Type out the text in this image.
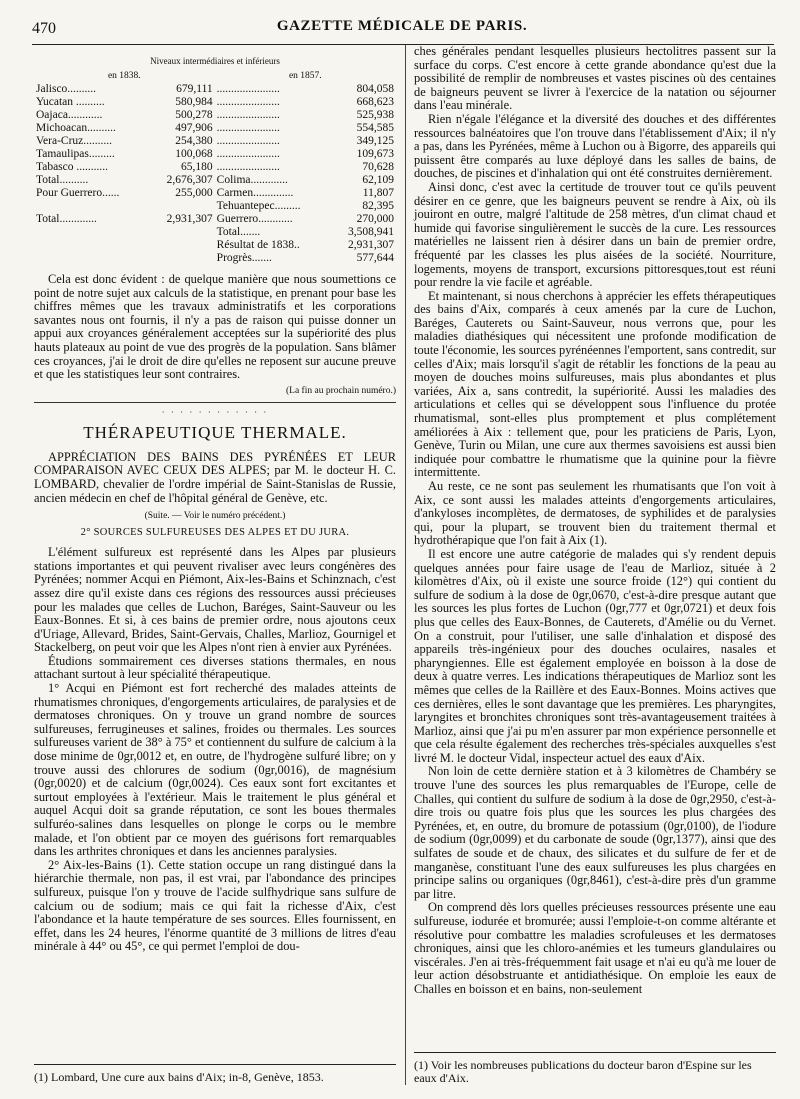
470	GAZETTE MÉDICALE DE PARIS.
Niveaux intermédiaires et inférieurs
en 1838.		en 1857.	
Jalisco..........	679,111	......................	804,058
Yucatan ..........	580,984	......................	668,623
Oajaca............	500,278	......................	525,938
Michoacan..........	497,906	......................	554,585
Vera-Cruz..........	254,380	......................	349,125
Tamaulipas.........	100,068	......................	109,673
Tabasco ...........	65,180	......................	70,628
Total..........	2,676,307	Colima.............	62,109
Pour Guerrero......	255,000	Carmen..............	11,807
		Tehuantepec.........	82,395
Total.............	2,931,307	Guerrero............	270,000
		Total.......	3,508,941
		Résultat de 1838..	2,931,307
		Progrès.......	577,644

Cela est donc évident : de quelque manière que nous soumettions ce point de notre sujet aux calculs de la statistique, en prenant pour base les chiffres mêmes que les travaux administratifs et les corporations savantes nous ont fournis, il n'y a pas de raison qui puisse donner un appui aux croyances généralement acceptées sur la supériorité des plus hauts plateaux au point de vue des progrès de la population. Sans blâmer ces croyances, j'ai le droit de dire qu'elles ne reposent sur aucune preuve et que les statistiques leur sont contraires.

(La fin au prochain numéro.)
· · · · · · · · · · · ·
THÉRAPEUTIQUE THERMALE.

APPRÉCIATION DES BAINS DES PYRÉNÉES ET LEUR COMPARAISON AVEC CEUX DES ALPES; par M. le docteur H. C. LOMBARD, chevalier de l'ordre impérial de Saint-Stanislas de Russie, ancien médecin en chef de l'hôpital général de Genève, etc.

(Suite. — Voir le numéro précédent.)
2° SOURCES SULFUREUSES DES ALPES ET DU JURA.

L'élément sulfureux est représenté dans les Alpes par plusieurs stations importantes et qui peuvent rivaliser avec leurs congénères des Pyrénées; nommer Acqui en Piémont, Aix-les-Bains et Schinznach, c'est assez dire qu'il existe dans ces régions des ressources aussi précieuses pour les malades que celles de Luchon, Baréges, Saint-Sauveur ou les Eaux-Bonnes. Et si, à ces bains de premier ordre, nous ajoutons ceux d'Uriage, Allevard, Brides, Saint-Gervais, Challes, Marlioz, Gournigel et Stackelberg, on peut voir que les Alpes n'ont rien à envier aux Pyrénées.

Étudions sommairement ces diverses stations thermales, en nous attachant surtout à leur spécialité thérapeutique.

1° Acqui en Piémont est fort recherché des malades atteints de rhumatismes chroniques, d'engorgements articulaires, de paralysies et de dermatoses chroniques. On y trouve un grand nombre de sources sulfureuses, ferrugineuses et salines, froides ou thermales. Les sources sulfureuses varient de 38° à 75° et contiennent du sulfure de calcium à la dose minime de 0gr,0012 et, en outre, de l'hydrogène sulfuré libre; on y trouve aussi des chlorures de sodium (0gr,0016), de magnésium (0gr,0020) et de calcium (0gr,0024). Ces eaux sont fort excitantes et surtout employées à l'extérieur. Mais le traitement le plus général et auquel Acqui doit sa grande réputation, ce sont les boues thermales sulfuréo-salines dans lesquelles on plonge le corps ou le membre malade, et l'on obtient par ce moyen des guérisons fort remarquables dans les arthrites chroniques et dans les anciennes paralysies.

2° Aix-les-Bains (1). Cette station occupe un rang distingué dans la hiérarchie thermale, non pas, il est vrai, par l'abondance des principes sulfureux, puisque l'on y trouve de l'acide sulfhydrique sans sulfure de calcium ou de sodium; mais ce qui fait la richesse d'Aix, c'est l'abondance et la haute température de ses sources. Elles fournissent, en effet, dans les 24 heures, l'énorme quantité de 3 millions de litres d'eau minérale à 44° ou 45°, ce qui permet l'emploi de dou-

(1) Lombard, Une cure aux bains d'Aix; in-8, Genève, 1853.

ches générales pendant lesquelles plusieurs hectolitres passent sur la surface du corps. C'est encore à cette grande abondance qu'est due la possibilité de remplir de nombreuses et vastes piscines où des centaines de baigneurs peuvent se livrer à l'exercice de la natation ou séjourner dans l'eau minérale.

Rien n'égale l'élégance et la diversité des douches et des différentes ressources balnéatoires que l'on trouve dans l'établissement d'Aix; il n'y a pas, dans les Pyrénées, même à Luchon ou à Bigorre, des appareils qui puissent être comparés au luxe déployé dans les salles de bains, de douches, de piscines et d'inhalation qui ont été construites dernièrement.

Ainsi donc, c'est avec la certitude de trouver tout ce qu'ils peuvent désirer en ce genre, que les baigneurs peuvent se rendre à Aix, où ils jouiront en outre, malgré l'altitude de 258 mètres, d'un climat chaud et humide qui favorise singulièrement le succès de la cure. Les ressources matérielles ne laissent rien à désirer dans un bain de premier ordre, fréquenté par les classes les plus aisées de la société. Nourriture, logements, moyens de transport, excursions pittoresques,tout est réuni pour rendre la vie facile et agréable.

Et maintenant, si nous cherchons à apprécier les effets thérapeutiques des bains d'Aix, comparés à ceux amenés par la cure de Luchon, Baréges, Cauterets ou Saint-Sauveur, nous verrons que, pour les maladies diathésiques qui nécessitent une profonde modification de toute l'économie, les sources pyrénéennes l'emportent, sans contredit, sur celles d'Aix; mais lorsqu'il s'agit de rétablir les fonctions de la peau au moyen de douches moins sulfureuses, mais plus abondantes et plus variées, Aix a, sans contredit, la supériorité. Aussi les maladies des articulations et celles qui se développent sous l'influence du protée rhumatismal, sont-elles plus promptement et plus complétement améliorées à Aix : tellement que, pour les praticiens de Paris, Lyon, Genève, Turin ou Milan, une cure aux thermes savoisiens est aussi bien indiquée pour combattre le rhumatisme que la quinine pour la fièvre intermittente.

Au reste, ce ne sont pas seulement les rhumatisants que l'on voit à Aix, ce sont aussi les malades atteints d'engorgements articulaires, d'ankyloses incomplètes, de dermatoses, de syphilides et de paralysies qui, pour la plupart, se trouvent bien du traitement thermal et hydrothérapique que l'on fait à Aix (1).

Il est encore une autre catégorie de malades qui s'y rendent depuis quelques années pour faire usage de l'eau de Marlioz, située à 2 kilomètres d'Aix, où il existe une source froide (12°) qui contient du sulfure de sodium à la dose de 0gr,0670, c'est-à-dire presque autant que les sources les plus fortes de Luchon (0gr,777 et 0gr,0721) et deux fois plus que celles des Eaux-Bonnes, de Cauterets, d'Amélie ou du Vernet. On a construit, pour l'utiliser, une salle d'inhalation et disposé des appareils très-ingénieux pour des douches oculaires, nasales et pharyngiennes. Elle est également employée en boisson à la dose de deux à quatre verres. Les indications thérapeutiques de Marlioz sont les mêmes que celles de la Raillère et des Eaux-Bonnes. Moins actives que ces dernières, elles le sont davantage que les premières. Les pharyngites, laryngites et bronchites chroniques sont très-avantageusement traitées à Marlioz, ainsi que j'ai pu m'en assurer par mon expérience personnelle et que cela résulte également des recherches très-spéciales auxquelles s'est livré M. le docteur Vidal, inspecteur actuel des eaux d'Aix.

Non loin de cette dernière station et à 3 kilomètres de Chambéry se trouve l'une des sources les plus remarquables de l'Europe, celle de Challes, qui contient du sulfure de sodium à la dose de 0gr,2950, c'est-à-dire trois ou quatre fois plus que les sources les plus chargées des Pyrénées, et, en outre, du bromure de potassium (0gr,0100), de l'iodure de sodium (0gr,0099) et du carbonate de soude (0gr,1377), ainsi que des sulfates de soude et de chaux, des silicates et du sulfure de fer et de manganèse, constituant l'une des eaux sulfureuses les plus chargées en principe salins ou organiques (0gr,8461), c'est-à-dire près d'un gramme par litre.

On comprend dès lors quelles précieuses ressources présente une eau sulfureuse, iodurée et bromurée; aussi l'emploie-t-on comme altérante et résolutive pour combattre les maladies scrofuleuses et les dermatoses chroniques, ainsi que les chloro-anémies et les tumeurs glandulaires ou viscérales. J'en ai très-fréquemment fait usage et n'ai eu qu'à me louer de leur action désobstruante et antidiathésique. On emploie les eaux de Challes en boisson et en bains, non-seulement

(1) Voir les nombreuses publications du docteur baron d'Espine sur les eaux d'Aix.
